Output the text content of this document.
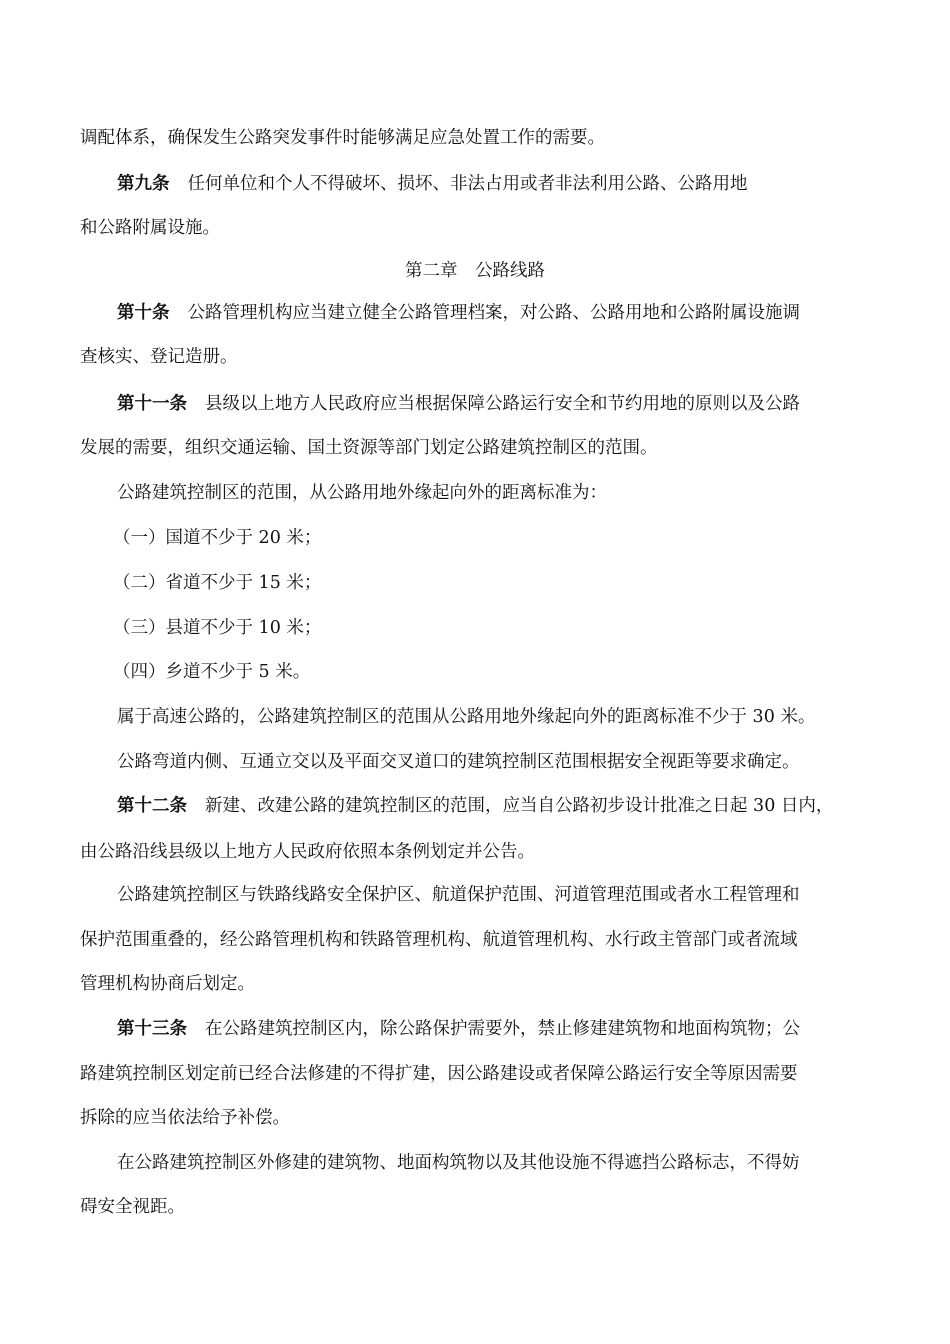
调配体系，确保发生公路突发事件时能够满足应急处置工作的需要。
第九条 任何单位和个人不得破坏、损坏、非法占用或者非法利用公路、公路用地
和公路附属设施。
第二章　公路线路
第十条 公路管理机构应当建立健全公路管理档案，对公路、公路用地和公路附属设施调
查核实、登记造册。
第十一条 县级以上地方人民政府应当根据保障公路运行安全和节约用地的原则以及公路
发展的需要，组织交通运输、国土资源等部门划定公路建筑控制区的范围。
公路建筑控制区的范围，从公路用地外缘起向外的距离标准为：
（一）国道不少于 20 米；
（二）省道不少于 15 米；
（三）县道不少于 10 米；
（四）乡道不少于 5 米。
属于高速公路的，公路建筑控制区的范围从公路用地外缘起向外的距离标准不少于 30 米。
公路弯道内侧、互通立交以及平面交叉道口的建筑控制区范围根据安全视距等要求确定。
第十二条 新建、改建公路的建筑控制区的范围，应当自公路初步设计批准之日起 30 日内，
由公路沿线县级以上地方人民政府依照本条例划定并公告。
公路建筑控制区与铁路线路安全保护区、航道保护范围、河道管理范围或者水工程管理和
保护范围重叠的，经公路管理机构和铁路管理机构、航道管理机构、水行政主管部门或者流域
管理机构协商后划定。
第十三条 在公路建筑控制区内，除公路保护需要外，禁止修建建筑物和地面构筑物；公
路建筑控制区划定前已经合法修建的不得扩建，因公路建设或者保障公路运行安全等原因需要
拆除的应当依法给予补偿。
在公路建筑控制区外修建的建筑物、地面构筑物以及其他设施不得遮挡公路标志，不得妨
碍安全视距。
